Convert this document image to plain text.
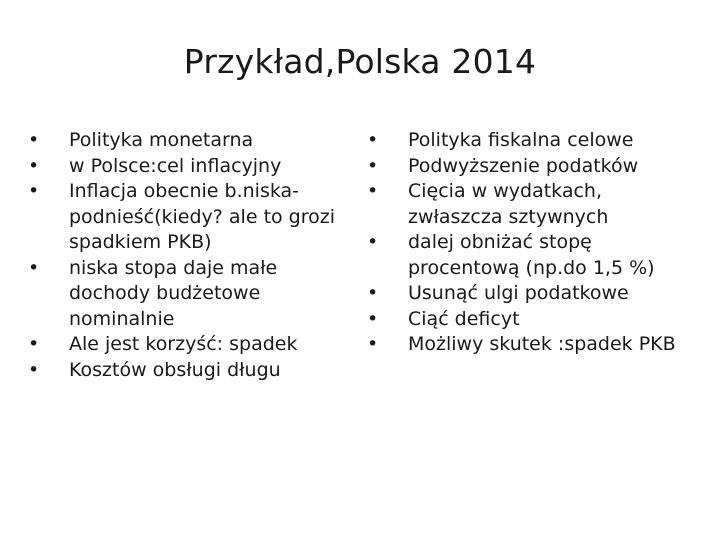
Przykład,Polska 2014
•	Polityka monetarna
•	w Polsce:cel inflacyjny
•	Inflacja obecnie b.niska- podnieść(kiedy? ale to grozi spadkiem PKB)
•	niska stopa daje małe dochody budżetowe nominalnie
•	Ale jest korzyść: spadek
•	Kosztów obsługi długu
•	Polityka fiskalna celowe
•	Podwyższenie podatków
•	Cięcia w wydatkach, zwłaszcza sztywnych
•	dalej obniżać stopę procentową (np.do 1,5 %)
•	Usunąć ulgi podatkowe
•	Ciąć deficyt
•	Możliwy skutek :spadek PKB
